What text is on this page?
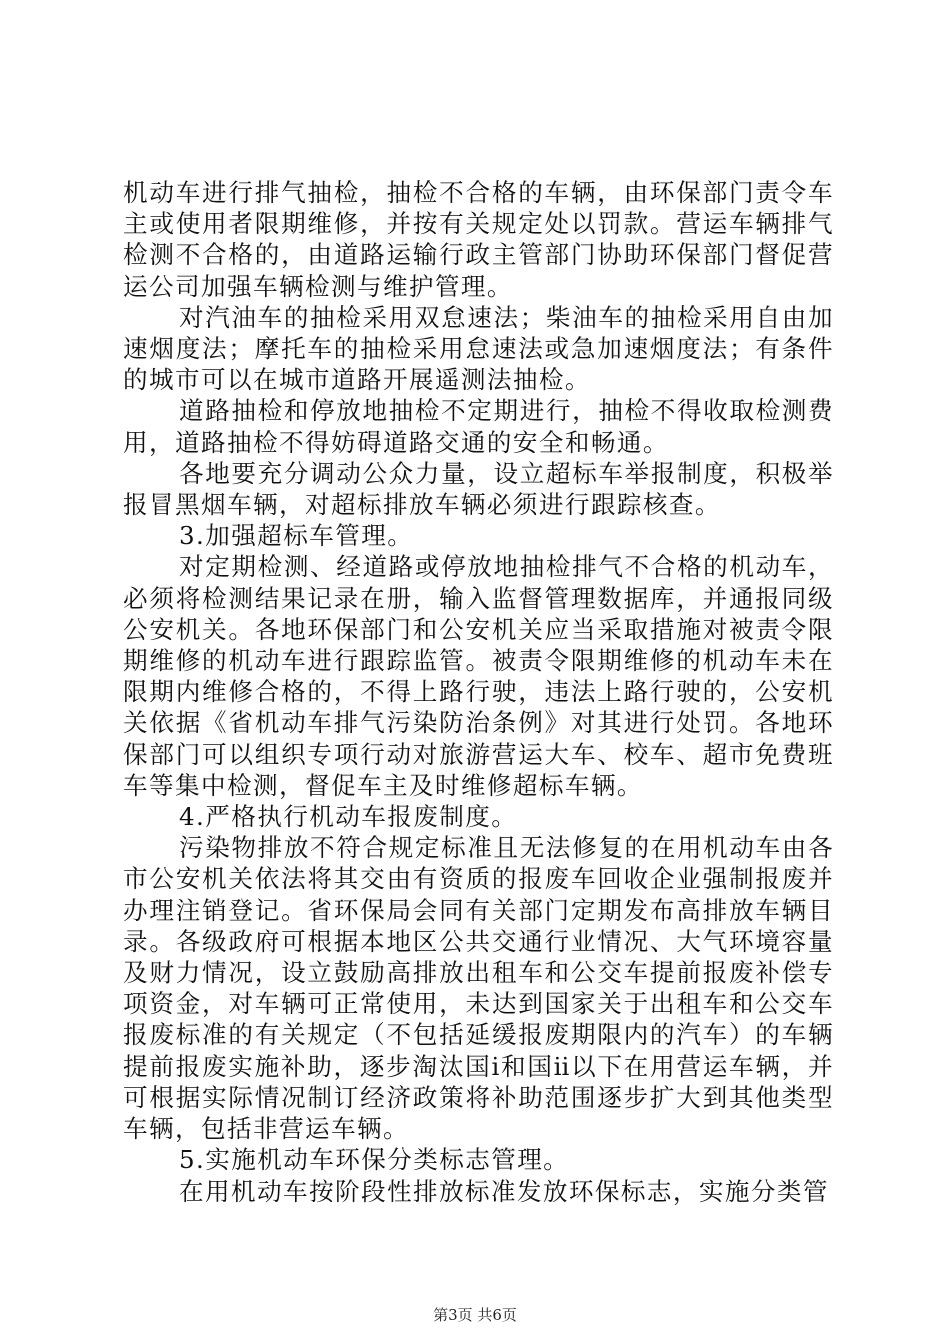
机动车进行排气抽检，抽检不合格的车辆，由环保部门责令车主或使用者限期维修，并按有关规定处以罚款。营运车辆排气检测不合格的，由道路运输行政主管部门协助环保部门督促营运公司加强车辆检测与维护管理。

对汽油车的抽检采用双怠速法；柴油车的抽检采用自由加速烟度法；摩托车的抽检采用怠速法或急加速烟度法；有条件的城市可以在城市道路开展遥测法抽检。

道路抽检和停放地抽检不定期进行，抽检不得收取检测费用，道路抽检不得妨碍道路交通的安全和畅通。

各地要充分调动公众力量，设立超标车举报制度，积极举报冒黑烟车辆，对超标排放车辆必须进行跟踪核查。

3.加强超标车管理。

对定期检测、经道路或停放地抽检排气不合格的机动车，必须将检测结果记录在册，输入监督管理数据库，并通报同级公安机关。各地环保部门和公安机关应当采取措施对被责令限期维修的机动车进行跟踪监管。被责令限期维修的机动车未在限期内维修合格的，不得上路行驶，违法上路行驶的，公安机关依据《省机动车排气污染防治条例》对其进行处罚。各地环保部门可以组织专项行动对旅游营运大车、校车、超市免费班车等集中检测，督促车主及时维修超标车辆。

4.严格执行机动车报废制度。

污染物排放不符合规定标准且无法修复的在用机动车由各市公安机关依法将其交由有资质的报废车回收企业强制报废并办理注销登记。省环保局会同有关部门定期发布高排放车辆目录。各级政府可根据本地区公共交通行业情况、大气环境容量及财力情况，设立鼓励高排放出租车和公交车提前报废补偿专项资金，对车辆可正常使用，未达到国家关于出租车和公交车报废标准的有关规定（不包括延缓报废期限内的汽车）的车辆提前报废实施补助，逐步淘汰国ⅰ和国ⅱ以下在用营运车辆，并可根据实际情况制订经济政策将补助范围逐步扩大到其他类型车辆，包括非营运车辆。

5.实施机动车环保分类标志管理。

在用机动车按阶段性排放标准发放环保标志，实施分类管

第3页 共6页
